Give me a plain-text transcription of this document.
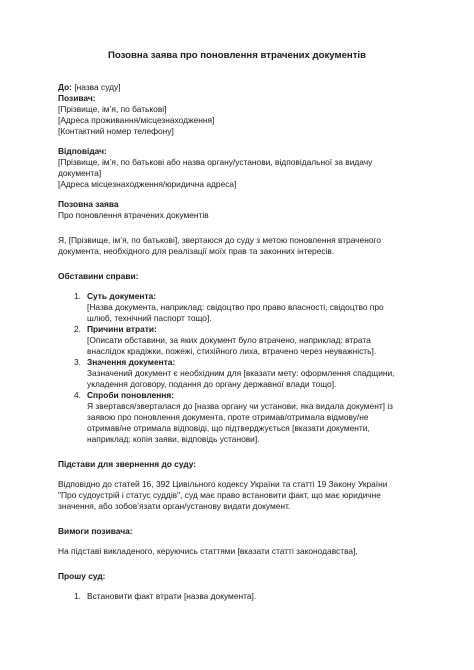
Позовна заява про поновлення втрачених документів
До: [назва суду]
Позивач:
[Прізвище, ім’я, по батькові]
[Адреса проживання/місцезнаходження]
[Контактний номер телефону]
Відповідач:
[Прізвище, ім’я, по батькові або назва органу/установи, відповідальної за видачу
документа]
[Адреса місцезнаходження/юридична адреса]
Позовна заява
Про поновлення втрачених документів
Я, [Прізвище, ім’я, по батькові], звертаюся до суду з метою поновлення втраченого
документа, необхідного для реалізації моїх прав та законних інтересів.
Обставини справи:
1. Суть документа:
[Назва документа, наприклад: свідоцтво про право власності, свідоцтво про
шлюб, технічний паспорт тощо].
2. Причини втрати:
[Описати обставини, за яких документ було втрачено, наприклад: втрата
внаслідок крадіжки, пожежі, стихійного лиха, втрачено через неуважність].
3. Значення документа:
Зазначений документ є необхідним для [вказати мету: оформлення спадщини,
укладення договору, подання до органу державної влади тощо].
4. Спроби поновлення:
Я звертався/зверталася до [назва органу чи установи, яка видала документ] із
заявою про поновлення документа, проте отримав/отримала відмову/не
отримав/не отримала відповіді, що підтверджується [вказати документи,
наприклад: копія заяви, відповідь установи].
Підстави для звернення до суду:
Відповідно до статей 16, 392 Цивільного кодексу України та статті 19 Закону України
"Про судоустрій і статус суддів", суд має право встановити факт, що має юридичне
значення, або зобов’язати орган/установу видати документ.
Вимоги позивача:
На підставі викладеного, керуючись статтями [вказати статті законодавства],
Прошу суд:
1. Встановити факт втрати [назва документа].
